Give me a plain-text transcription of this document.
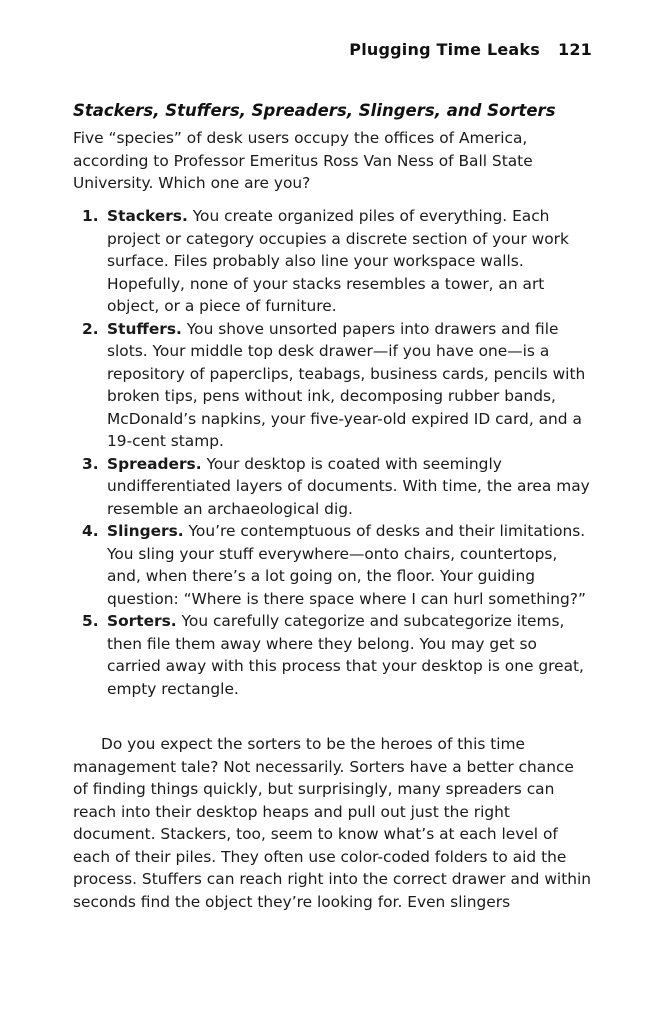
Plugging Time Leaks 121
Stackers, Stuffers, Spreaders, Slingers, and Sorters

Five “species” of desk users occupy the offices of America, according to Professor Emeritus Ross Van Ness of Ball State University. Which one are you?

1. Stackers. You create organized piles of everything. Each project or category occupies a discrete section of your work surface. Files probably also line your workspace walls. Hopefully, none of your stacks resembles a tower, an art object, or a piece of furniture.
2. Stuffers. You shove unsorted papers into drawers and file slots. Your middle top desk drawer—if you have one—is a repository of paperclips, teabags, business cards, pencils with broken tips, pens without ink, decomposing rubber bands, McDonald’s napkins, your five-year-old expired ID card, and a 19-cent stamp.
3. Spreaders. Your desktop is coated with seemingly undifferentiated layers of documents. With time, the area may resemble an archaeological dig.
4. Slingers. You’re contemptuous of desks and their limitations. You sling your stuff everywhere—onto chairs, countertops, and, when there’s a lot going on, the floor. Your guiding question: “Where is there space where I can hurl something?”
5. Sorters. You carefully categorize and subcategorize items, then file them away where they belong. You may get so carried away with this process that your desktop is one great, empty rectangle.

Do you expect the sorters to be the heroes of this time management tale? Not necessarily. Sorters have a better chance of finding things quickly, but surprisingly, many spreaders can reach into their desktop heaps and pull out just the right document. Stackers, too, seem to know what’s at each level of each of their piles. They often use color-coded folders to aid the process. Stuffers can reach right into the correct drawer and within seconds find the object they’re looking for. Even slingers
